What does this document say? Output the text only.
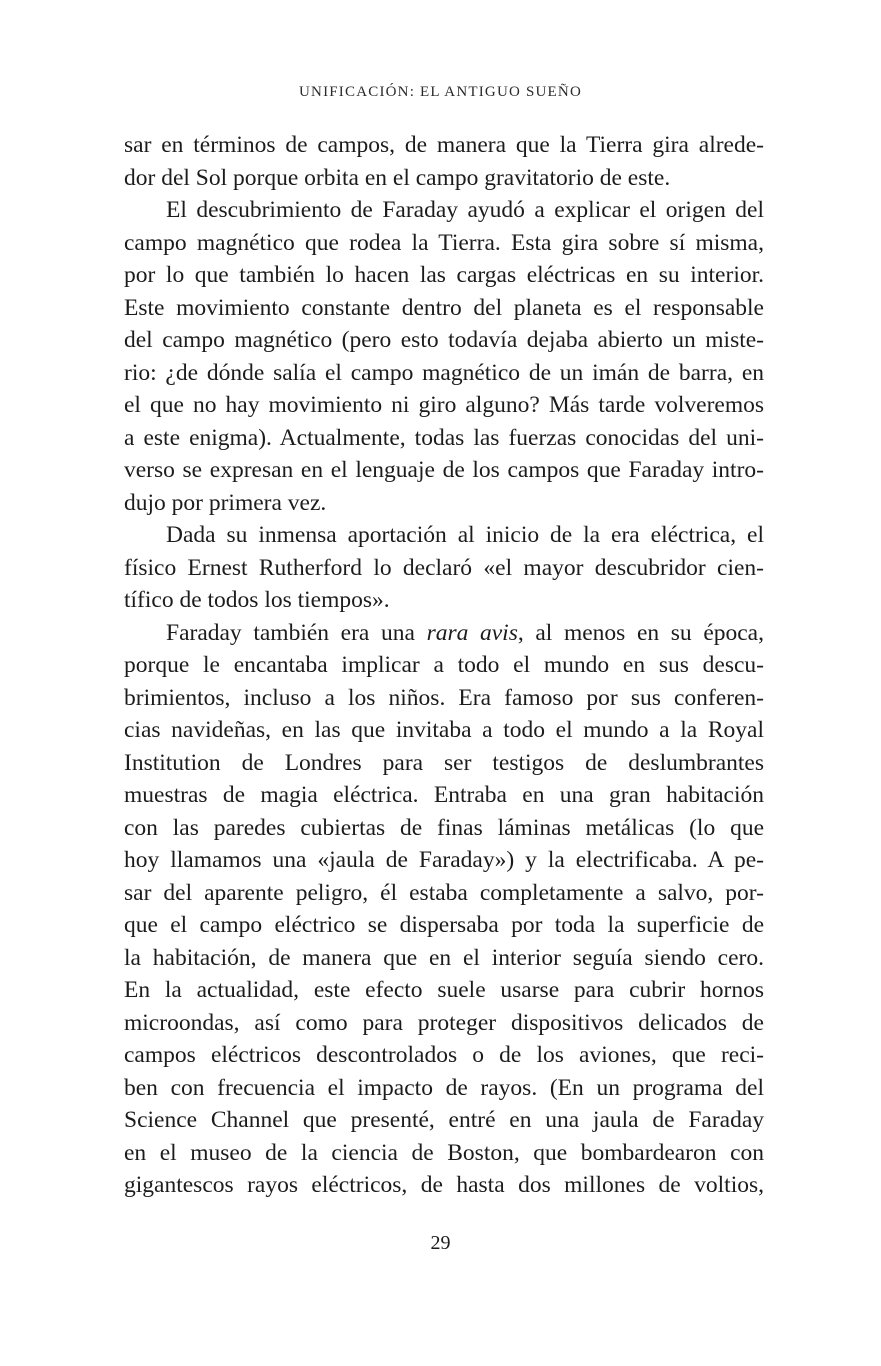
UNIFICACIÓN: EL ANTIGUO SUEÑO
sar en términos de campos, de manera que la Tierra gira alrede-
dor del Sol porque orbita en el campo gravitatorio de este.
El descubrimiento de Faraday ayudó a explicar el origen del
campo magnético que rodea la Tierra. Esta gira sobre sí misma,
por lo que también lo hacen las cargas eléctricas en su interior.
Este movimiento constante dentro del planeta es el responsable
del campo magnético (pero esto todavía dejaba abierto un miste-
rio: ¿de dónde salía el campo magnético de un imán de barra, en
el que no hay movimiento ni giro alguno? Más tarde volveremos
a este enigma). Actualmente, todas las fuerzas conocidas del uni-
verso se expresan en el lenguaje de los campos que Faraday intro-
dujo por primera vez.
Dada su inmensa aportación al inicio de la era eléctrica, el
físico Ernest Rutherford lo declaró «el mayor descubridor cien-
tífico de todos los tiempos».
Faraday también era una rara avis, al menos en su época,
porque le encantaba implicar a todo el mundo en sus descu-
brimientos, incluso a los niños. Era famoso por sus conferen-
cias navideñas, en las que invitaba a todo el mundo a la Royal
Institution de Londres para ser testigos de deslumbrantes
muestras de magia eléctrica. Entraba en una gran habitación
con las paredes cubiertas de finas láminas metálicas (lo que
hoy llamamos una «jaula de Faraday») y la electrificaba. A pe-
sar del aparente peligro, él estaba completamente a salvo, por-
que el campo eléctrico se dispersaba por toda la superficie de
la habitación, de manera que en el interior seguía siendo cero.
En la actualidad, este efecto suele usarse para cubrir hornos
microondas, así como para proteger dispositivos delicados de
campos eléctricos descontrolados o de los aviones, que reci-
ben con frecuencia el impacto de rayos. (En un programa del
Science Channel que presenté, entré en una jaula de Faraday
en el museo de la ciencia de Boston, que bombardearon con
gigantescos rayos eléctricos, de hasta dos millones de voltios,
29
